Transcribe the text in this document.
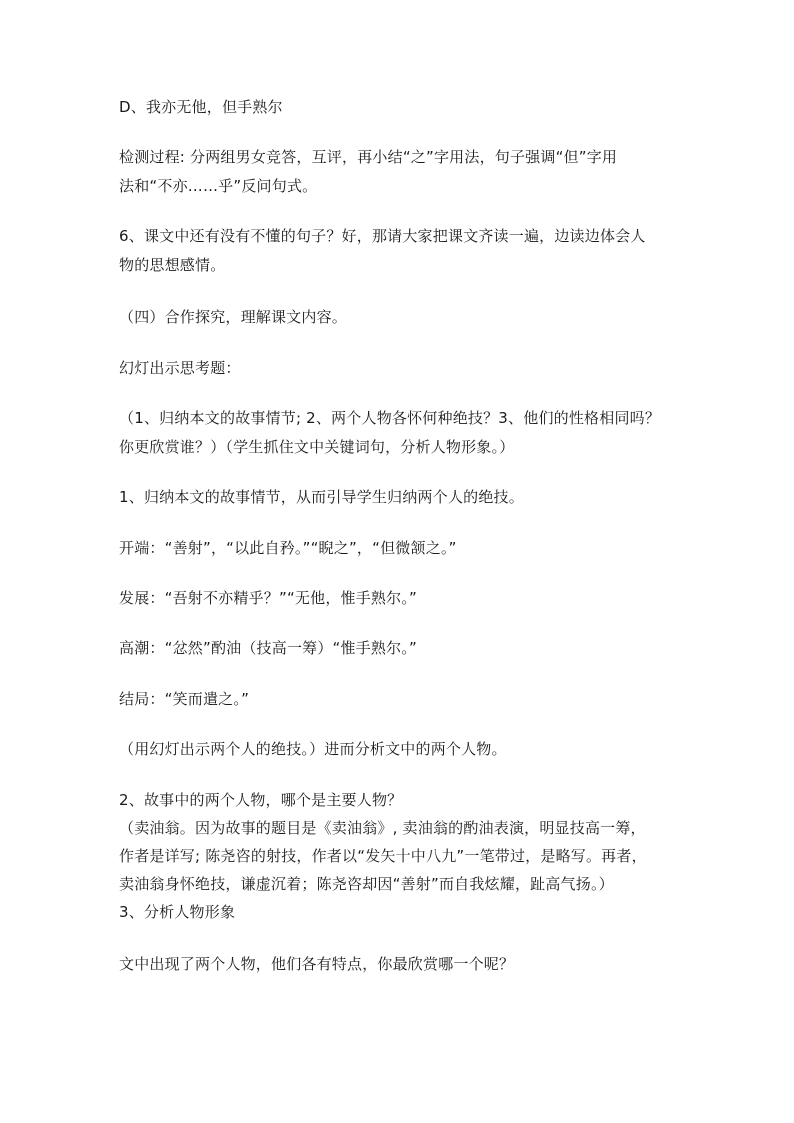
D、我亦无他，但手熟尔
检测过程: 分两组男女竞答，互评，再小结“之”字用法，句子强调“但”字用
法和“不亦……乎”反问句式。
6、课文中还有没有不懂的句子？好，那请大家把课文齐读一遍，边读边体会人
物的思想感情。
（四）合作探究，理解课文内容。
幻灯出示思考题：
（1、归纳本文的故事情节; 2、两个人物各怀何种绝技？3、他们的性格相同吗？
你更欣赏谁？）（学生抓住文中关键词句，分析人物形象。）
1、归纳本文的故事情节，从而引导学生归纳两个人的绝技。
开端：“善射”，“以此自矜。”“睨之”，“但微颔之。”
发展：“吾射不亦精乎？”“无他，惟手熟尔。”
高潮：“忿然”酌油（技高一筹）“惟手熟尔。”
结局：“笑而遣之。”
（用幻灯出示两个人的绝技。）进而分析文中的两个人物。
2、故事中的两个人物，哪个是主要人物？
（卖油翁。因为故事的题目是《卖油翁》, 卖油翁的酌油表演，明显技高一筹，
作者是详写; 陈尧咨的射技，作者以“发矢十中八九”一笔带过，是略写。再者，
卖油翁身怀绝技，谦虚沉着；陈尧咨却因“善射”而自我炫耀，趾高气扬。）
3、分析人物形象
文中出现了两个人物，他们各有特点，你最欣赏哪一个呢？
